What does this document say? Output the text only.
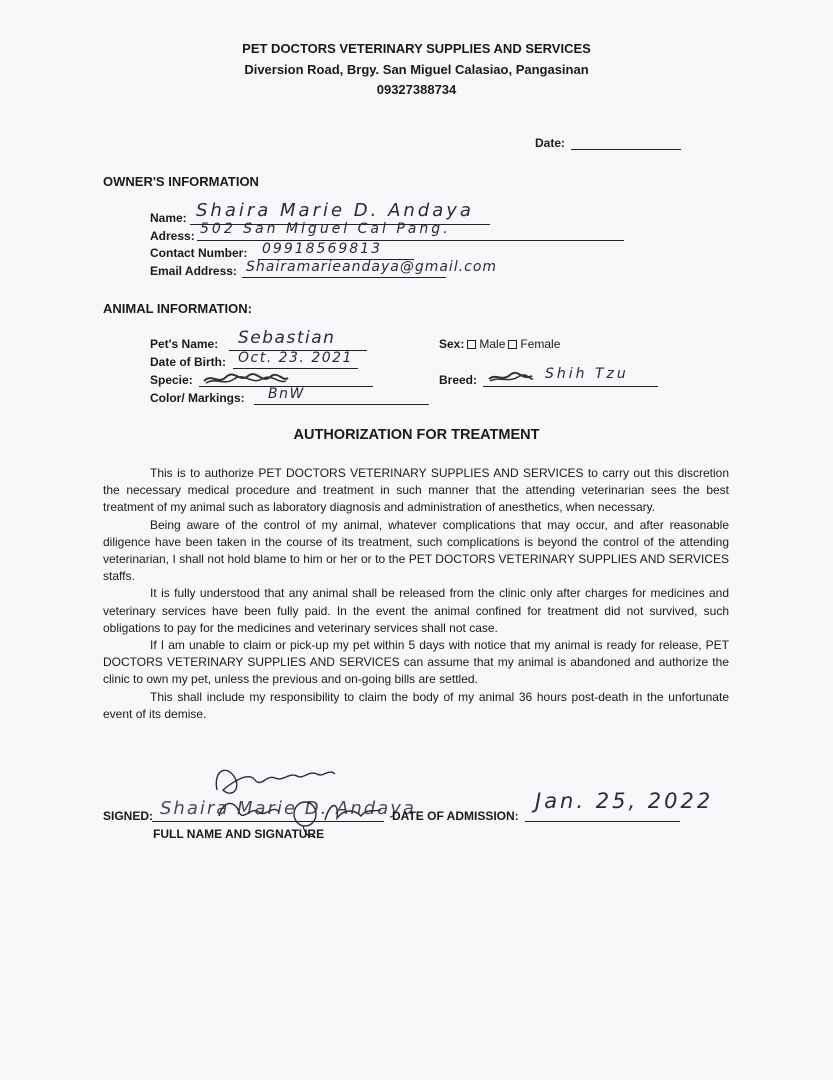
PET DOCTORS VETERINARY SUPPLIES AND SERVICES
Diversion Road, Brgy. San Miguel Calasiao, Pangasinan
09327388734
Date:
OWNER'S INFORMATION
Name: Shaira Marie D. Andaya
Adress: 502 San Miguel Cal Pang.
Contact Number: 09918569813
Email Address: Shairamarieandaya@gmail.com
ANIMAL INFORMATION:
Pet's Name: Sebastian
Date of Birth: Oct. 23. 2021
Specie:
Color/ Markings: BnW
Sex: Male Female
Breed:	Shih Tzu
AUTHORIZATION FOR TREATMENT

This is to authorize PET DOCTORS VETERINARY SUPPLIES AND SERVICES to carry out this discretion the necessary medical procedure and treatment in such manner that the attending veterinarian sees the best treatment of my animal such as laboratory diagnosis and administration of anesthetics, when necessary.

Being aware of the control of my animal, whatever complications that may occur, and after reasonable diligence have been taken in the course of its treatment, such complications is beyond the control of the attending veterinarian, I shall not hold blame to him or her or to the PET DOCTORS VETERINARY SUPPLIES AND SERVICES staffs.

It is fully understood that any animal shall be released from the clinic only after charges for medicines and veterinary services have been fully paid. In the event the animal confined for treatment did not survived, such obligations to pay for the medicines and veterinary services shall not case.

If I am unable to claim or pick-up my pet within 5 days with notice that my animal is ready for release, PET DOCTORS VETERINARY SUPPLIES AND SERVICES can assume that my animal is abandoned and authorize the clinic to own my pet, unless the previous and on-going bills are settled.

This shall include my responsibility to claim the body of my animal 36 hours post-death in the unfortunate event of its demise.

SIGNED: Shaira Marie D. Andaya
FULL NAME AND SIGNATURE
DATE OF ADMISSION:
Jan. 25, 2022
